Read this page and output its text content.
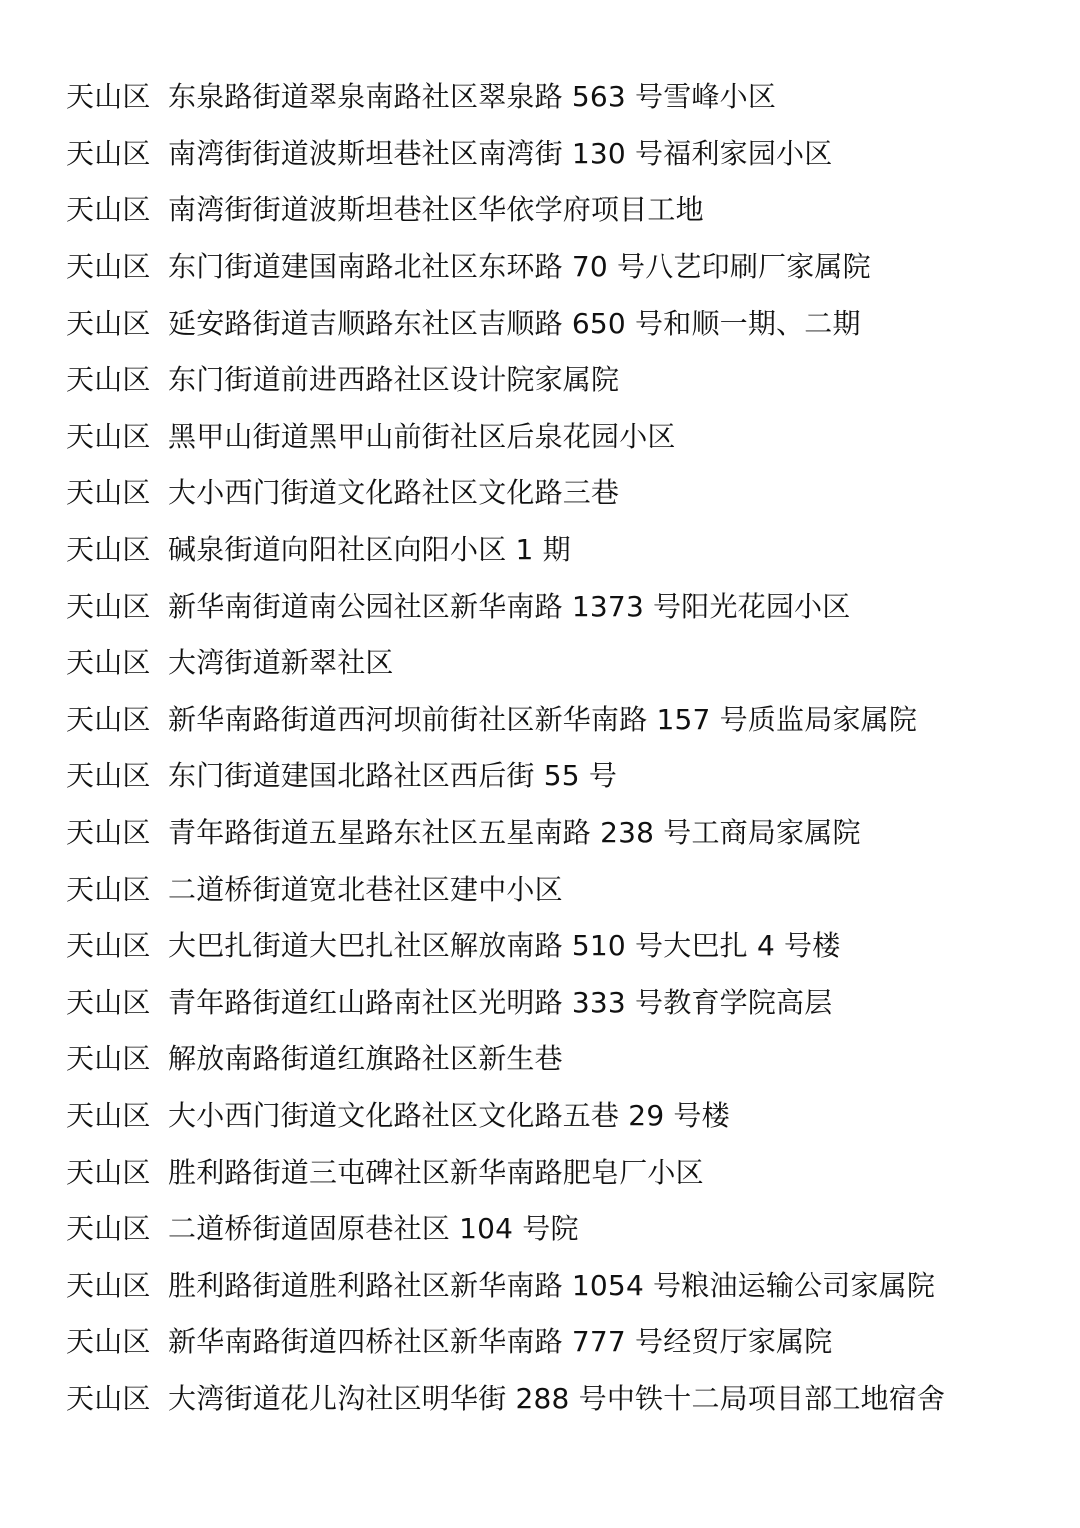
天山区 东泉路街道翠泉南路社区翠泉路 563 号雪峰小区
天山区 南湾街街道波斯坦巷社区南湾街 130 号福利家园小区
天山区 南湾街街道波斯坦巷社区华依学府项目工地
天山区 东门街道建国南路北社区东环路 70 号八艺印刷厂家属院
天山区 延安路街道吉顺路东社区吉顺路 650 号和顺一期、二期
天山区 东门街道前进西路社区设计院家属院
天山区 黑甲山街道黑甲山前街社区后泉花园小区
天山区 大小西门街道文化路社区文化路三巷
天山区 碱泉街道向阳社区向阳小区 1 期
天山区 新华南街道南公园社区新华南路 1373 号阳光花园小区
天山区 大湾街道新翠社区
天山区 新华南路街道西河坝前街社区新华南路 157 号质监局家属院
天山区 东门街道建国北路社区西后街 55 号
天山区 青年路街道五星路东社区五星南路 238 号工商局家属院
天山区 二道桥街道宽北巷社区建中小区
天山区 大巴扎街道大巴扎社区解放南路 510 号大巴扎 4 号楼
天山区 青年路街道红山路南社区光明路 333 号教育学院高层
天山区 解放南路街道红旗路社区新生巷
天山区 大小西门街道文化路社区文化路五巷 29 号楼
天山区 胜利路街道三屯碑社区新华南路肥皂厂小区
天山区 二道桥街道固原巷社区 104 号院
天山区 胜利路街道胜利路社区新华南路 1054 号粮油运输公司家属院
天山区 新华南路街道四桥社区新华南路 777 号经贸厅家属院
天山区 大湾街道花儿沟社区明华街 288 号中铁十二局项目部工地宿舍
